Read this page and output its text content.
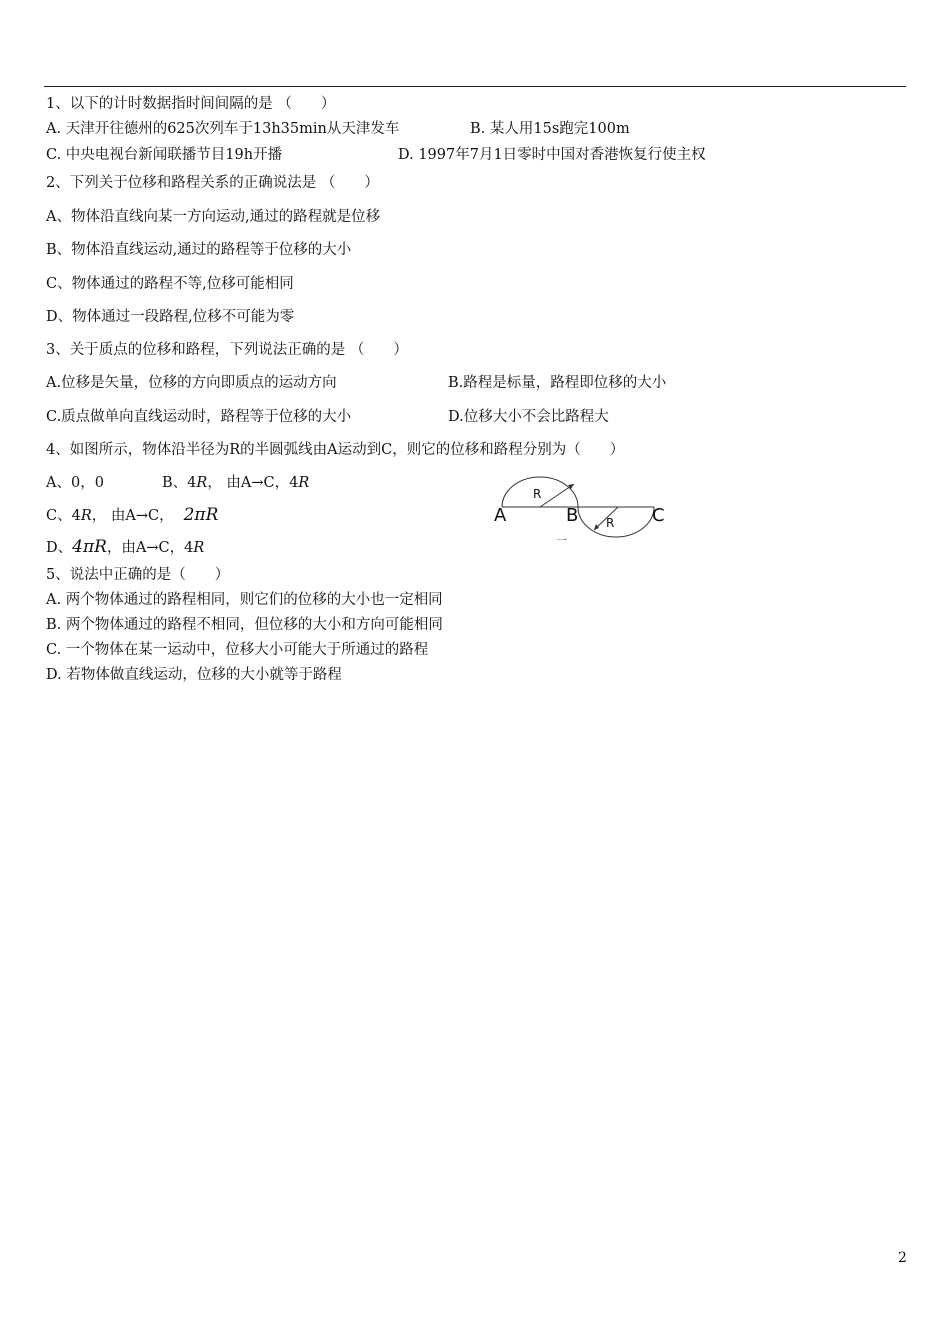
1、以下的计时数据指时间间隔的是 （　　）
A. 天津开往德州的625次列车于13h35min从天津发车	B. 某人用15s跑完100m
C. 中央电视台新闻联播节目19h开播	D. 1997年7月1日零时中国对香港恢复行使主权
2、下列关于位移和路程关系的正确说法是 （　　）
A、物体沿直线向某一方向运动,通过的路程就是位移
B、物体沿直线运动,通过的路程等于位移的大小
C、物体通过的路程不等,位移可能相同
D、物体通过一段路程,位移不可能为零
3、关于质点的位移和路程，下列说法正确的是 （　　）
A.位移是矢量，位移的方向即质点的运动方向	B.路程是标量，路程即位移的大小
C.质点做单向直线运动时，路程等于位移的大小	D.位移大小不会比路程大
4、如图所示，物体沿半径为R的半圆弧线由A运动到C，则它的位移和路程分别为（　　）
A、0，0	B、4R， 由A→C，4R
C、4R， 由A→C， 2πR
D、4πR，由A→C，4R
A	B	C
R
R
一
5、说法中正确的是（　　）
A. 两个物体通过的路程相同，则它们的位移的大小也一定相同
B. 两个物体通过的路程不相同，但位移的大小和方向可能相同
C. 一个物体在某一运动中，位移大小可能大于所通过的路程
D. 若物体做直线运动，位移的大小就等于路程
2
